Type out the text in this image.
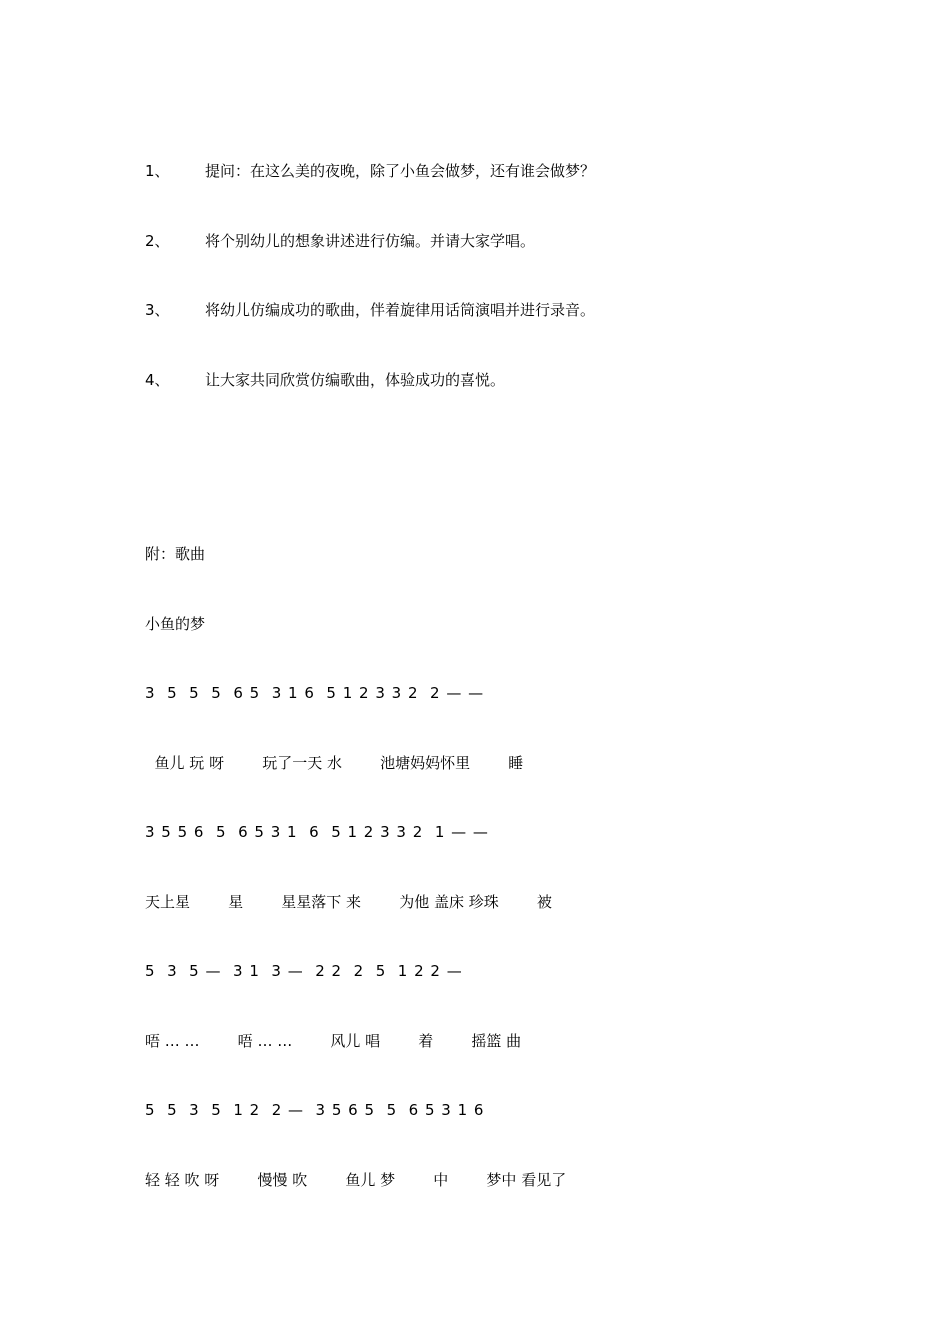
1、 提问：在这么美的夜晚，除了小鱼会做梦，还有谁会做梦？
2、 将个别幼儿的想象讲述进行仿编。并请大家学唱。
3、 将幼儿仿编成功的歌曲，伴着旋律用话筒演唱并进行录音。
4、 让大家共同欣赏仿编歌曲，体验成功的喜悦。
附：歌曲
小鱼的梦
3  5  5  5  6 5  3 1 6  5 1 2 3 3 2  2 — —
鱼儿 玩 呀        玩了一天 水        池塘妈妈怀里        睡
3 5 5 6  5  6 5 3 1  6  5 1 2 3 3 2  1 — —
天上星        星        星星落下 来        为他 盖床 珍珠        被
5  3  5 —  3 1  3 —  2 2  2  5  1 2 2 —
唔 … …        唔 … …        风儿 唱        着        摇篮 曲
5  5  3  5  1 2  2 —  3 5 6 5  5  6 5 3 1 6
轻 轻 吹 呀        慢慢 吹        鱼儿 梦        中        梦中 看见了
